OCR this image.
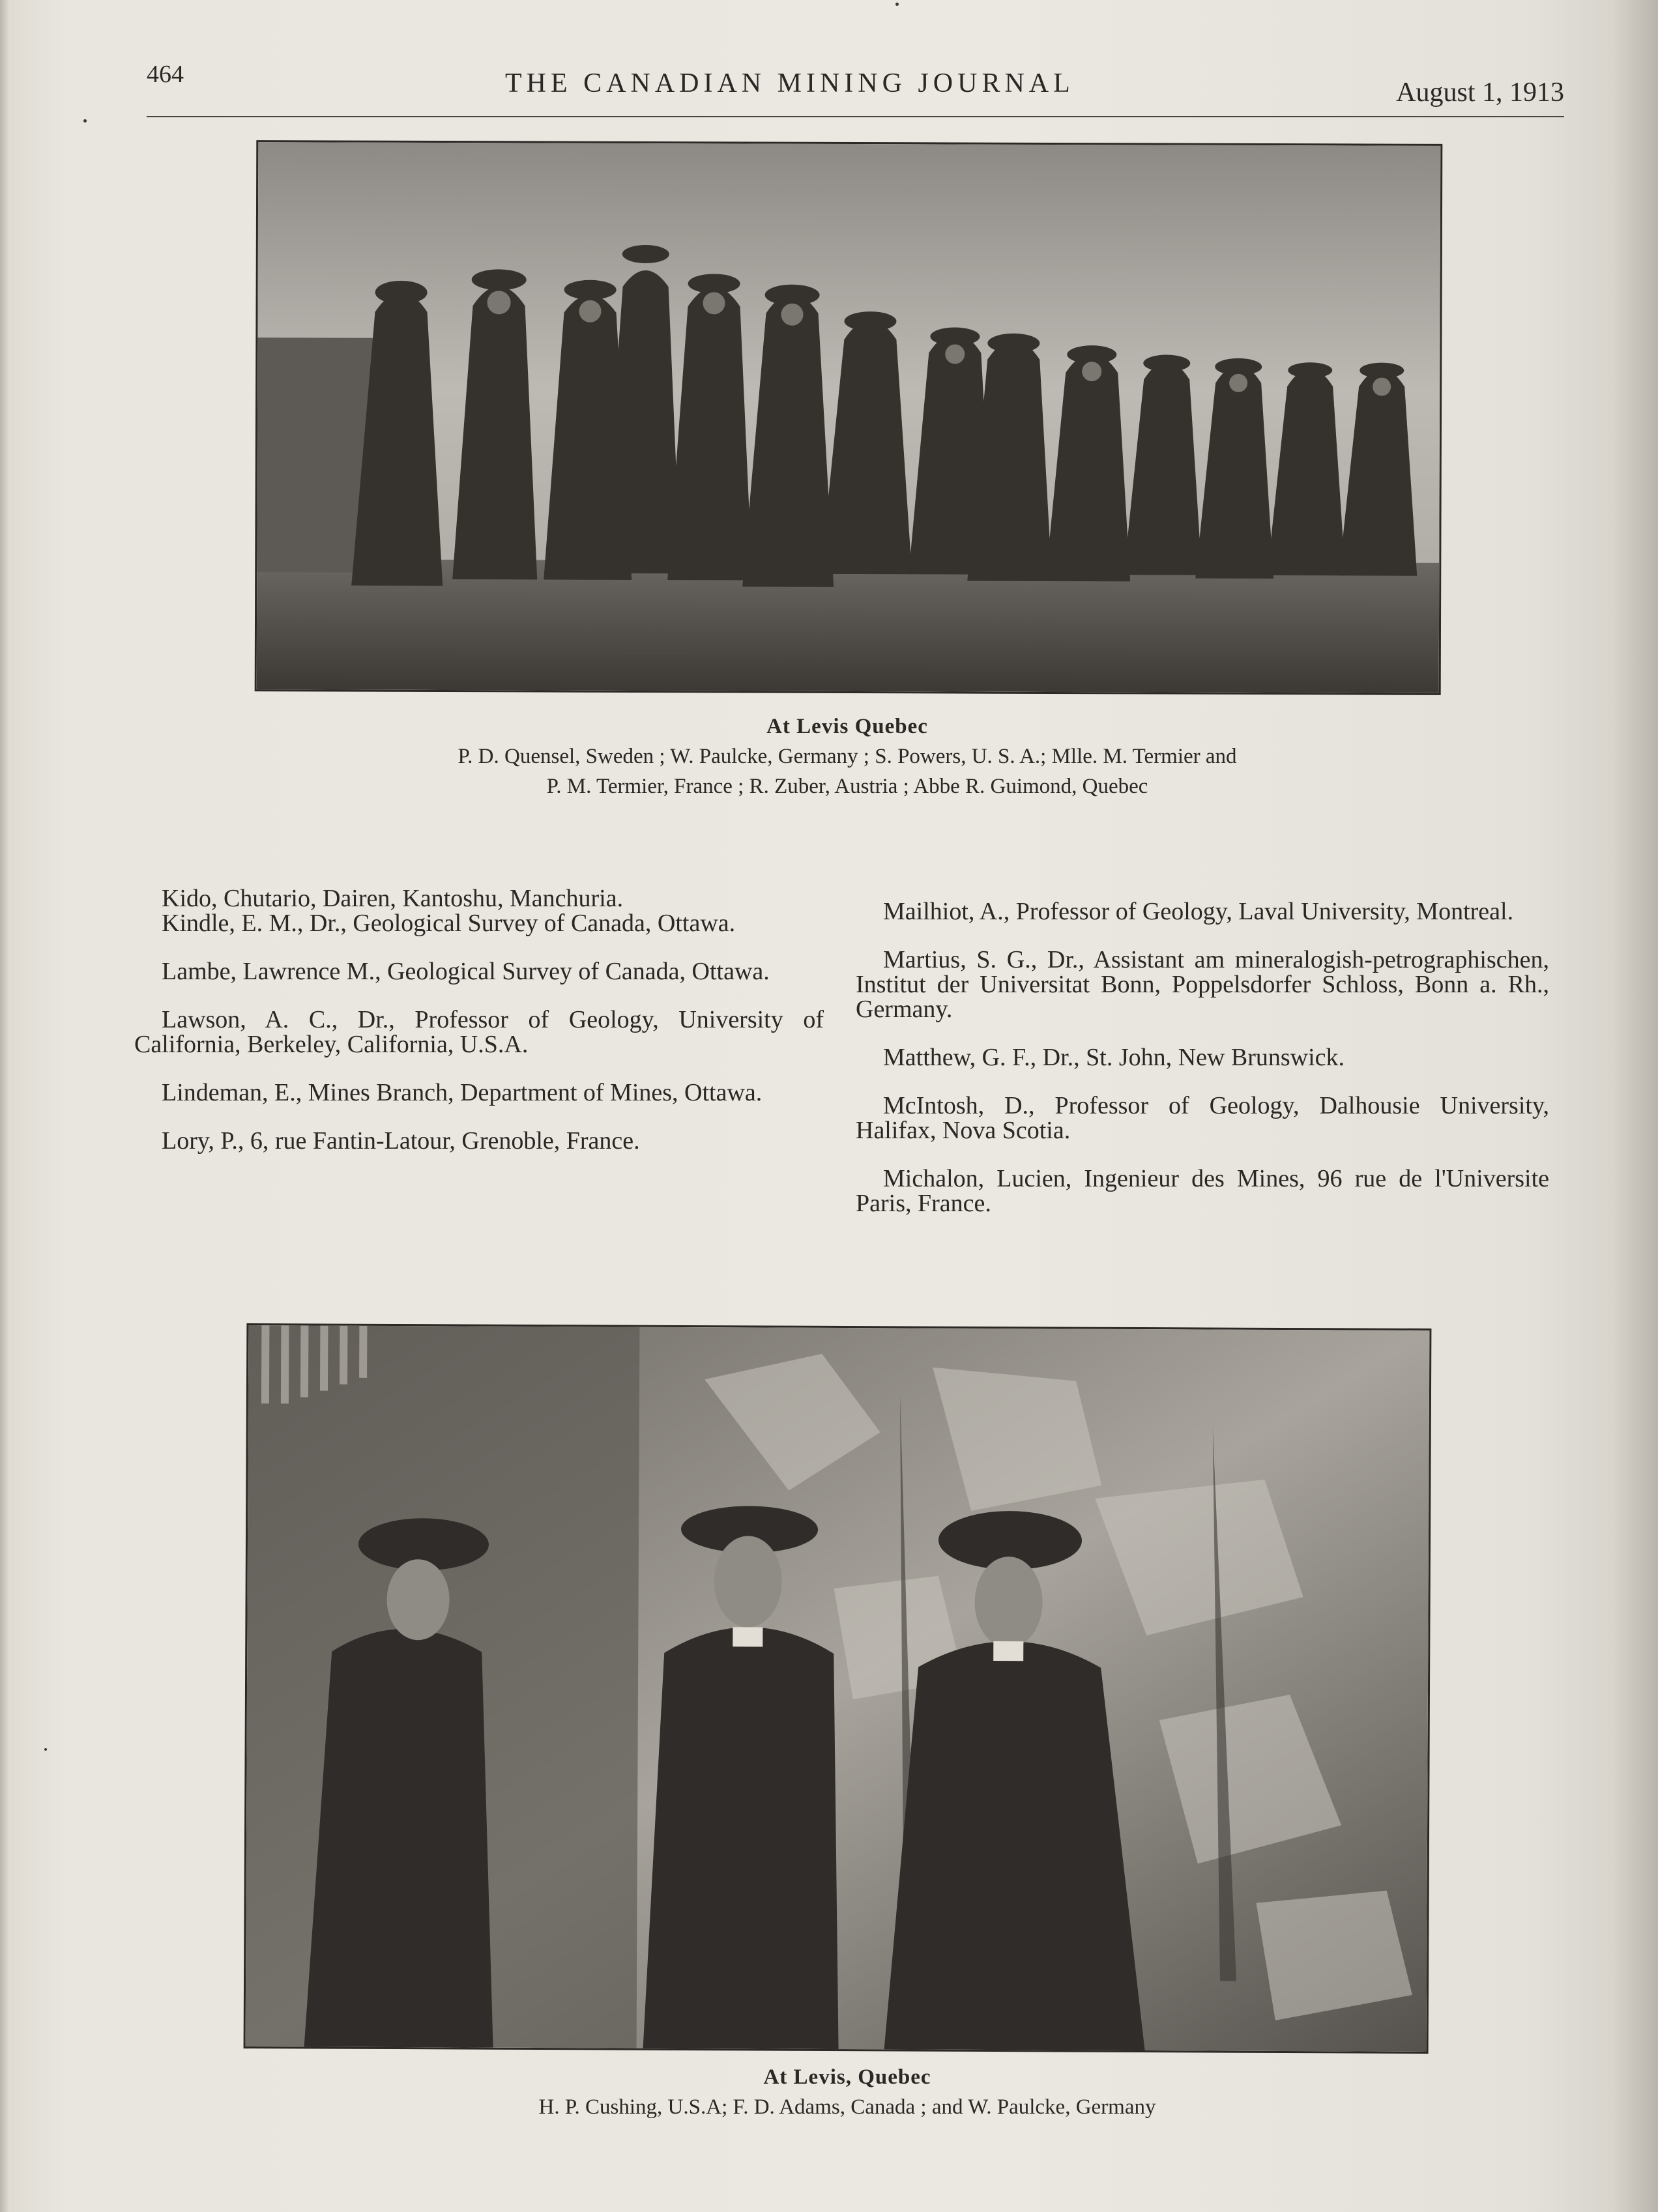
464	THE CANADIAN MINING JOURNAL	August 1, 1913
At Levis Quebec
P. D. Quensel, Sweden ; W. Paulcke, Germany ; S. Powers, U. S. A.; Mlle. M. Termier and
P. M. Termier, France ; R. Zuber, Austria ; Abbe R. Guimond, Quebec

Kido, Chutario, Dairen, Kantoshu, Manchuria.

Kindle, E. M., Dr., Geological Survey of Canada, Ottawa.

Lambe, Lawrence M., Geological Survey of Canada, Ottawa.

Lawson, A. C., Dr., Professor of Geology, University of California, Berkeley, California, U.S.A.

Lindeman, E., Mines Branch, Department of Mines, Ottawa.

Lory, P., 6, rue Fantin-Latour, Grenoble, France.

Mailhiot, A., Professor of Geology, Laval University, Montreal.

Martius, S. G., Dr., Assistant am mineralogish-petrographischen, Institut der Universitat Bonn, Poppelsdorfer Schloss, Bonn a. Rh., Germany.

Matthew, G. F., Dr., St. John, New Brunswick.

McIntosh, D., Professor of Geology, Dalhousie University, Halifax, Nova Scotia.

Michalon, Lucien, Ingenieur des Mines, 96 rue de l'Universite Paris, France.

At Levis, Quebec
H. P. Cushing, U.S.A; F. D. Adams, Canada ; and W. Paulcke, Germany
